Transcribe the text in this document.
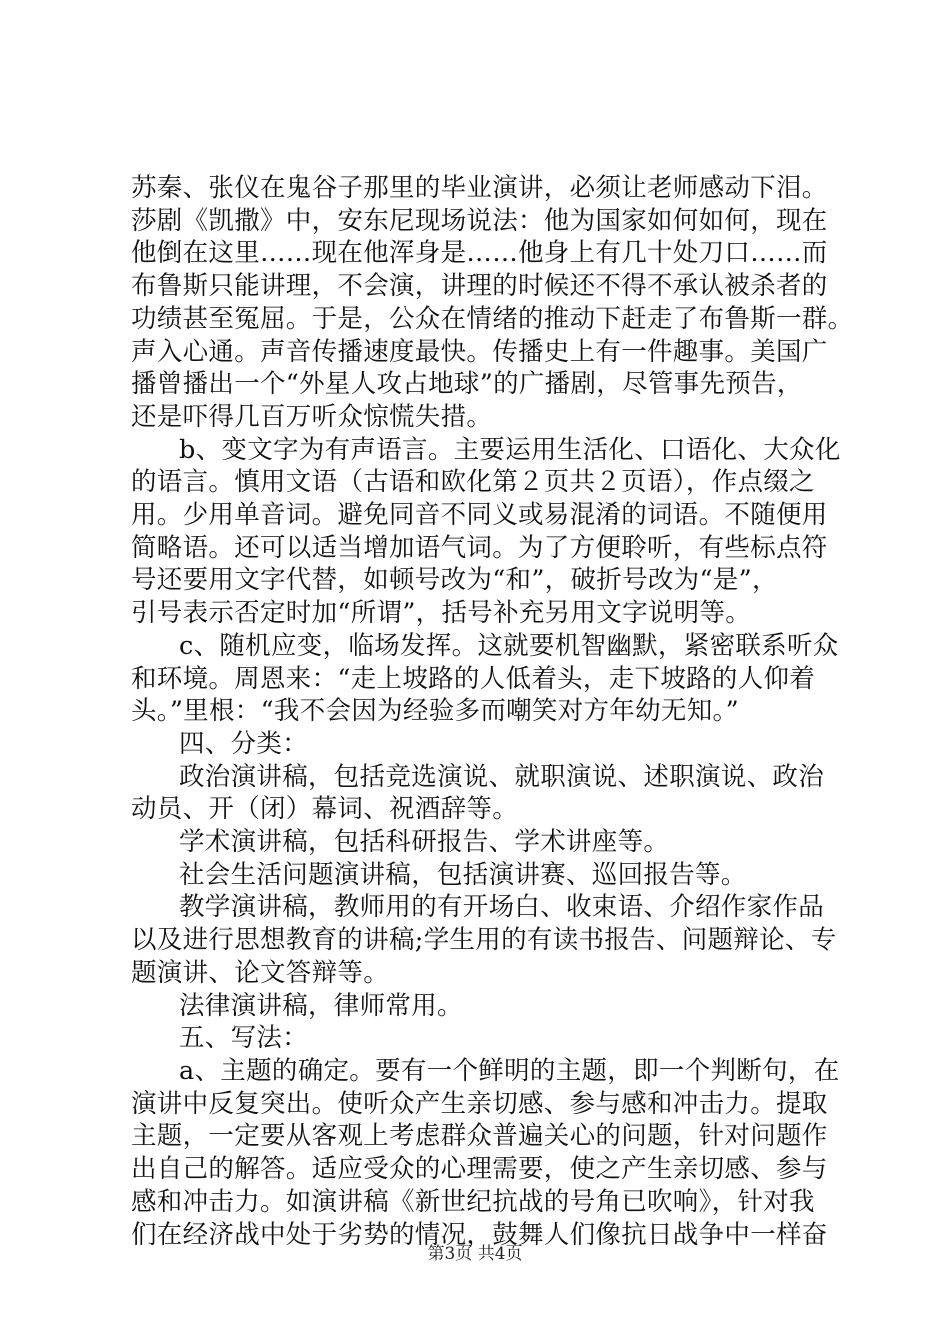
苏秦、张仪在鬼谷子那里的毕业演讲，必须让老师感动下泪。

莎剧《凯撒》中，安东尼现场说法：他为国家如何如何，现在

他倒在这里……现在他浑身是……他身上有几十处刀口……而

布鲁斯只能讲理，不会演，讲理的时候还不得不承认被杀者的

功绩甚至冤屈。于是，公众在情绪的推动下赶走了布鲁斯一群。

声入心通。声音传播速度最快。传播史上有一件趣事。美国广

播曾播出一个“外星人攻占地球”的广播剧，尽管事先预告，

还是吓得几百万听众惊慌失措。

b、变文字为有声语言。主要运用生活化、口语化、大众化

的语言。慎用文语（古语和欧化第２页共２页语），作点缀之

用。少用单音词。避免同音不同义或易混淆的词语。不随便用

简略语。还可以适当增加语气词。为了方便聆听，有些标点符

号还要用文字代替，如顿号改为“和”，破折号改为“是”，

引号表示否定时加“所谓”，括号补充另用文字说明等。

c、随机应变，临场发挥。这就要机智幽默，紧密联系听众

和环境。周恩来：“走上坡路的人低着头，走下坡路的人仰着

头。”里根：“我不会因为经验多而嘲笑对方年幼无知。”

四、分类：

政治演讲稿，包括竞选演说、就职演说、述职演说、政治

动员、开（闭）幕词、祝酒辞等。

学术演讲稿，包括科研报告、学术讲座等。

社会生活问题演讲稿，包括演讲赛、巡回报告等。

教学演讲稿，教师用的有开场白、收束语、介绍作家作品

以及进行思想教育的讲稿;学生用的有读书报告、问题辩论、专

题演讲、论文答辩等。

法律演讲稿，律师常用。

五、写法：

a、主题的确定。要有一个鲜明的主题，即一个判断句，在

演讲中反复突出。使听众产生亲切感、参与感和冲击力。提取

主题，一定要从客观上考虑群众普遍关心的问题，针对问题作

出自己的解答。适应受众的心理需要，使之产生亲切感、参与

感和冲击力。如演讲稿《新世纪抗战的号角已吹响》，针对我

们在经济战中处于劣势的情况，鼓舞人们像抗日战争中一样奋

第3页 共4页
